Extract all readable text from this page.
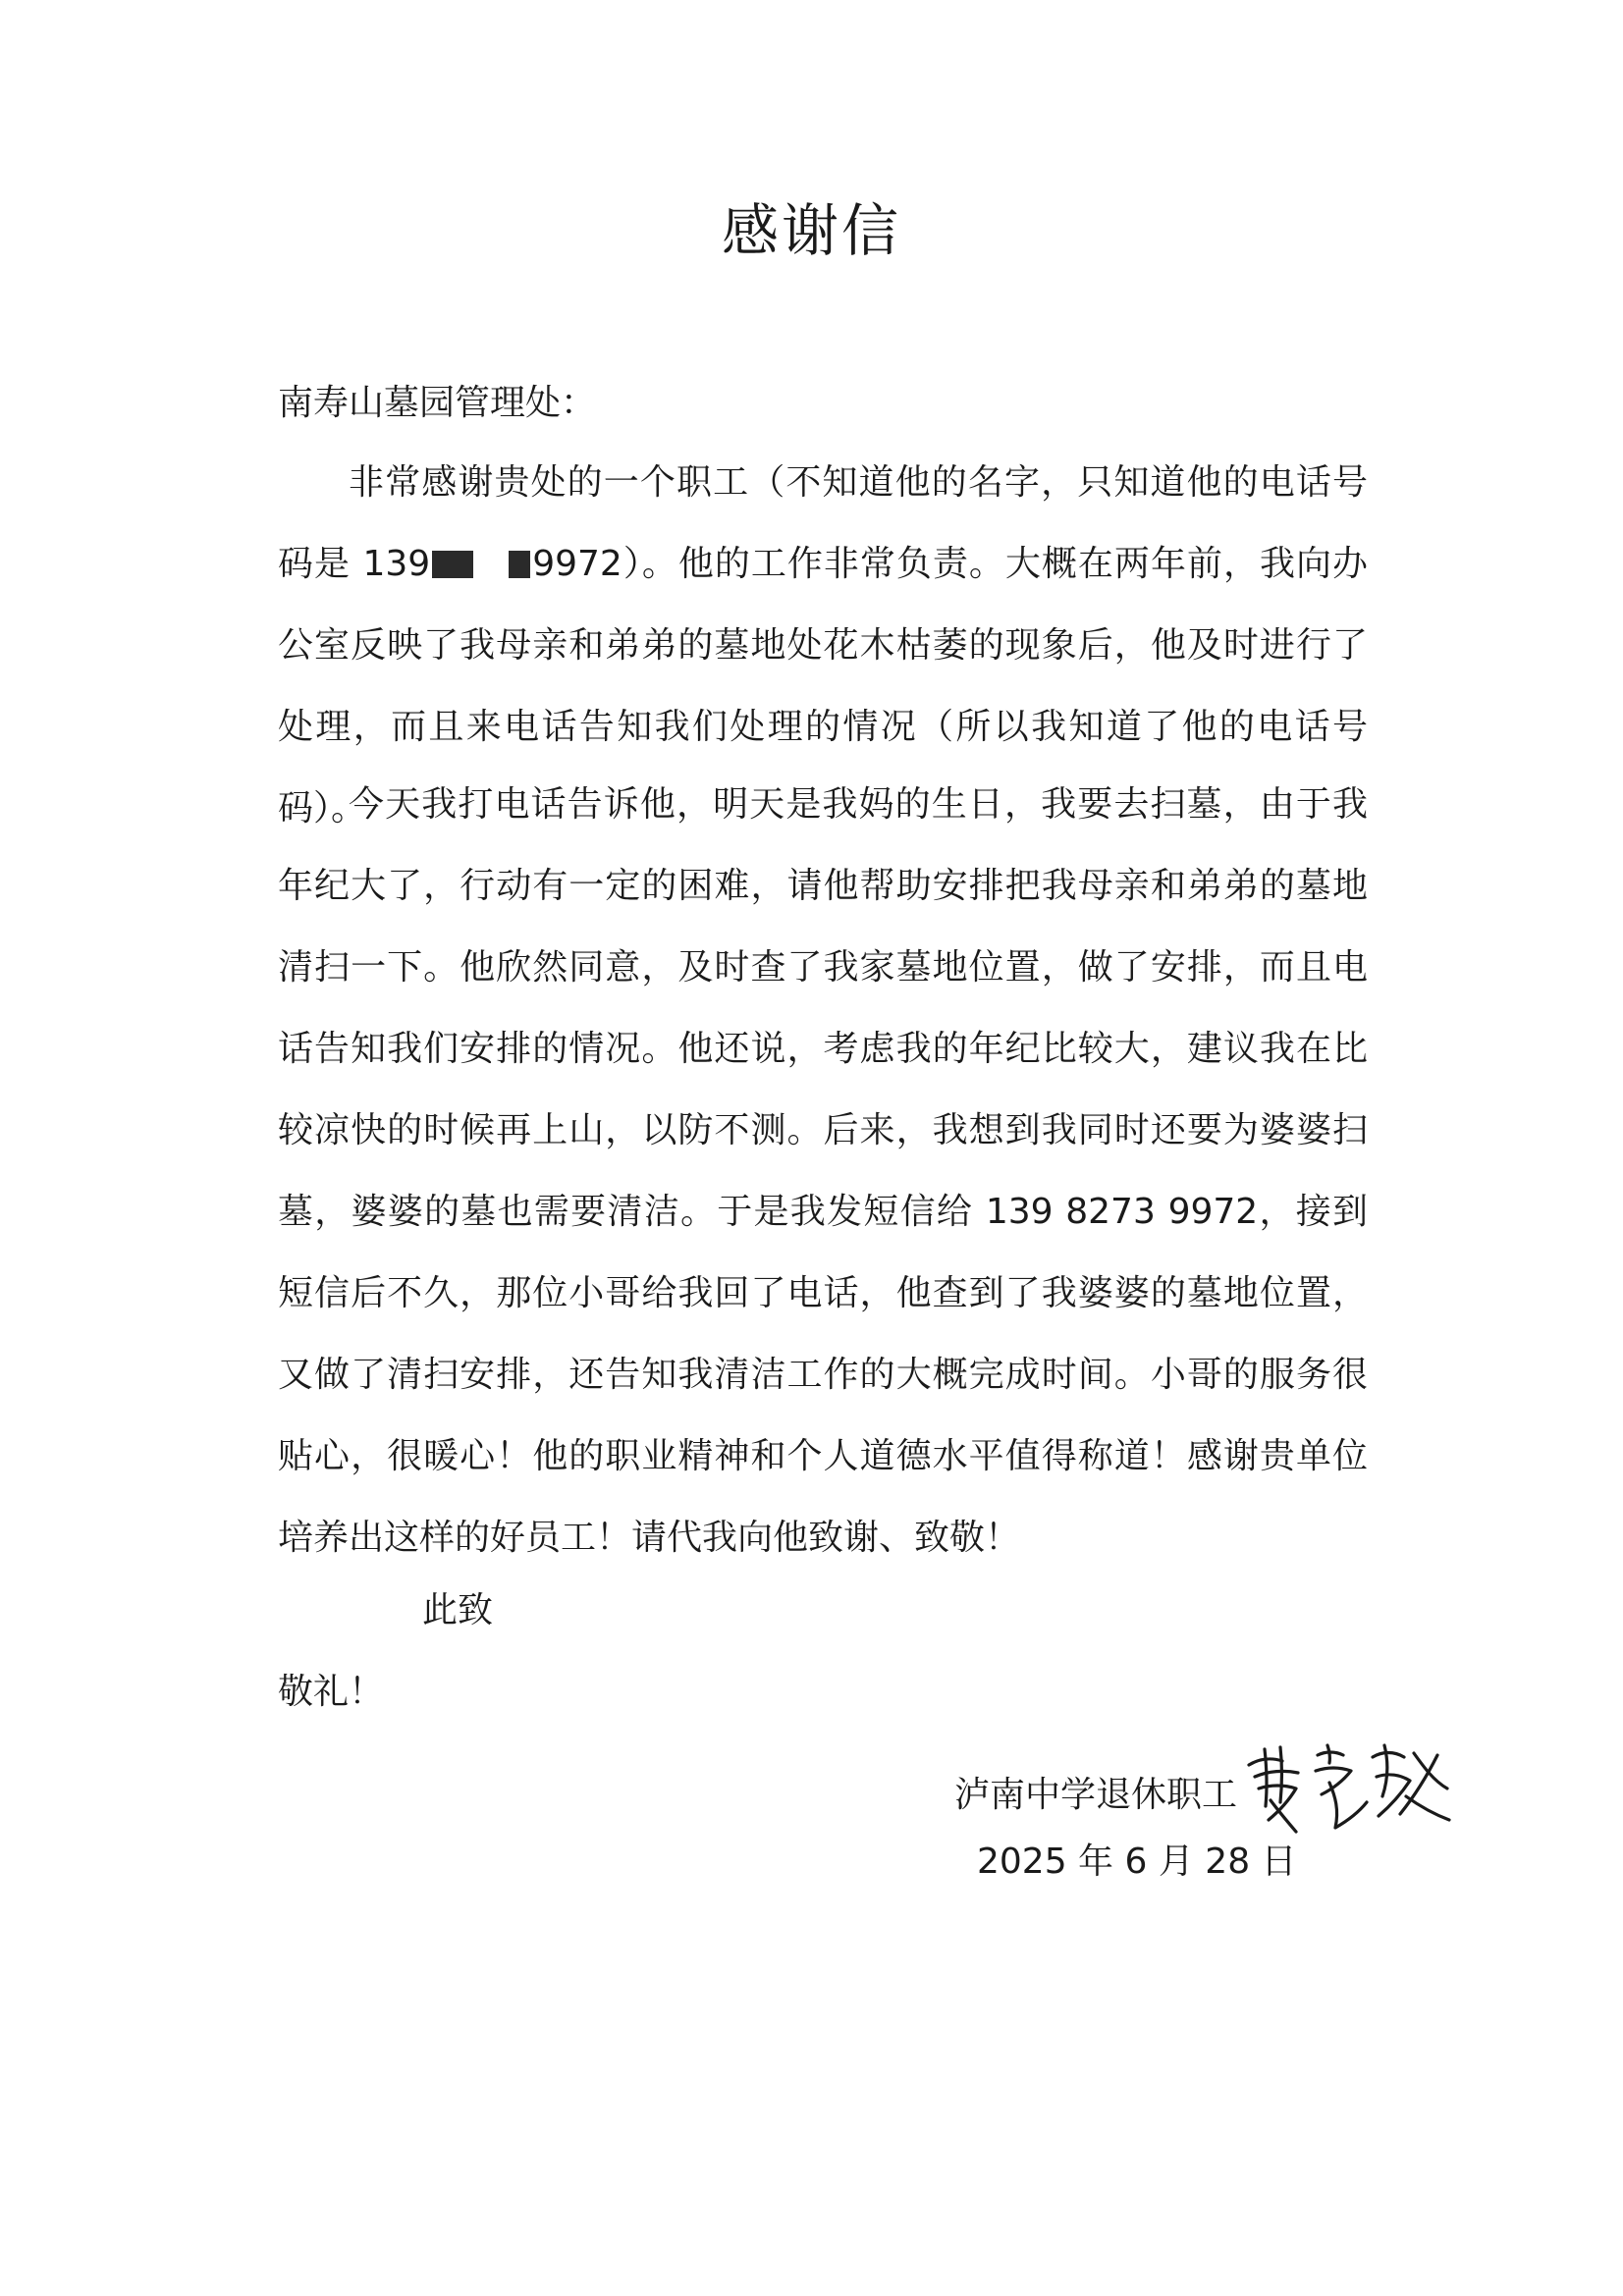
感谢信

南寿山墓园管理处：

非常感谢贵处的一个职工（不知道他的名字，只知道他的电话号码是 139	9972）。他的工作非常负责。大概在两年前，我向办公室反映了我母亲和弟弟的墓地处花木枯萎的现象后，他及时进行了处理，而且来电话告知我们处理的情况（所以我知道了他的电话号码）。

今天我打电话告诉他，明天是我妈的生日，我要去扫墓，由于我年纪大了，行动有一定的困难，请他帮助安排把我母亲和弟弟的墓地清扫一下。他欣然同意，及时查了我家墓地位置，做了安排，而且电话告知我们安排的情况。他还说，考虑我的年纪比较大，建议我在比较凉快的时候再上山，以防不测。后来，我想到我同时还要为婆婆扫墓，婆婆的墓也需要清洁。于是我发短信给 139 8273 9972，接到短信后不久，那位小哥给我回了电话，他查到了我婆婆的墓地位置，又做了清扫安排，还告知我清洁工作的大概完成时间。小哥的服务很贴心，很暖心！他的职业精神和个人道德水平值得称道！感谢贵单位培养出这样的好员工！请代我向他致谢、致敬！

此致

敬礼！

泸南中学退休职工

2025 年 6 月 28 日
